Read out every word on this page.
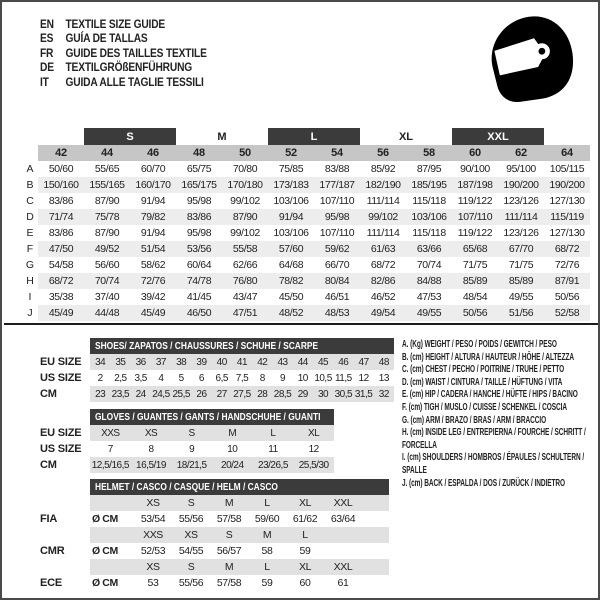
EN TEXTILE SIZE GUIDE
ES	GUÍA DE TALLAS
FR	GUIDE DES TAILLES TEXTILE
DE TEXTILGRÖßENFÜHRUNG
IT	GUIDA ALLE TAGLIE TESSILI
		S		M		L		XL		XXL		
	42	44	46	48	50	52	54	56	58	60	62	64
A	50/60	55/65	60/70	65/75	70/80	75/85	83/88	85/92	87/95	90/100	95/100	105/115
B	150/160	155/165	160/170	165/175	170/180	173/183	177/187	182/190	185/195	187/198	190/200	190/200
C	83/86	87/90	91/94	95/98	99/102	103/106	107/110	111/114	115/118	119/122	123/126	127/130
D	71/74	75/78	79/82	83/86	87/90	91/94	95/98	99/102	103/106	107/110	111/114	115/119
E	83/86	87/90	91/94	95/98	99/102	103/106	107/110	111/114	115/118	119/122	123/126	127/130
F	47/50	49/52	51/54	53/56	55/58	57/60	59/62	61/63	63/66	65/68	67/70	68/72
G	54/58	56/60	58/62	60/64	62/66	64/68	66/70	68/72	70/74	71/75	71/75	72/76
H	68/72	70/74	72/76	74/78	76/80	78/82	80/84	82/86	84/88	85/89	85/89	87/91
I	35/38	37/40	39/42	41/45	43/47	45/50	46/51	46/52	47/53	48/54	49/55	50/56
J	45/49	44/48	45/49	46/50	47/51	48/52	48/53	49/54	49/55	50/56	51/56	52/58
	SHOES/ ZAPATOS / CHAUSSURES / SCHUHE / SCARPE														
EU SIZE	34	35	36	37	38	39	40	41	42	43	44	45	46	47	48
US SIZE	2	2,5	3,5	4	5	6	6,5	7,5	8	9	10	10,5	11,5	12	13
CM	23	23,5	24	24,5	25,5	26	27	27,5	28	28,5	29	30	30,5	31,5	32
	GLOVES / GUANTES / GANTS / HANDSCHUHE / GUANTI					
EU SIZE	XXS	XS	S	M	L	XL
US SIZE	7	8	9	10	11	12
CM	12,5/16,5	16,5/19	18/21,5	20/24	23/26,5	25,5/30
	HELMET / CASCO / CASQUE / HELM / CASCO							
		XS	S	M	L	XL	XXL	
FIA	Ø CM	53/54	55/56	57/58	59/60	61/62	63/64	
		XXS	XS	S	M	L		
CMR	Ø CM	52/53	54/55	56/57	58	59		
		XS	S	M	L	XL	XXL	
ECE	Ø CM	53	55/56	57/58	59	60	61	
A. (Kg) WEIGHT / PESO / POIDS / GEWITCH / PESO
B. (cm) HEIGHT / ALTURA / HAUTEUR / HÖHE / ALTEZZA
C. (cm) CHEST / PECHO / POITRINE / TRUHE / PETTO
D. (cm) WAIST / CINTURA / TAILLE / HÜFTUNG / VITA
E. (cm) HIP / CADERA / HANCHE / HÜFTE / HIPS / BACINO
F. (cm) TIGH / MUSLO / CUISSE / SCHENKEL / COSCIA
G. (cm) ARM / BRAZO / BRAS / ARM / BRACCIO
H. (cm) INSIDE LEG / ENTREPIERNA / FOURCHE / SCHRITT / FORCELLA
I. (cm) SHOULDERS / HOMBROS / ÉPAULES / SCHULTERN / SPALLE
J. (cm) BACK / ESPALDA / DOS / ZURÜCK / INDIETRO
